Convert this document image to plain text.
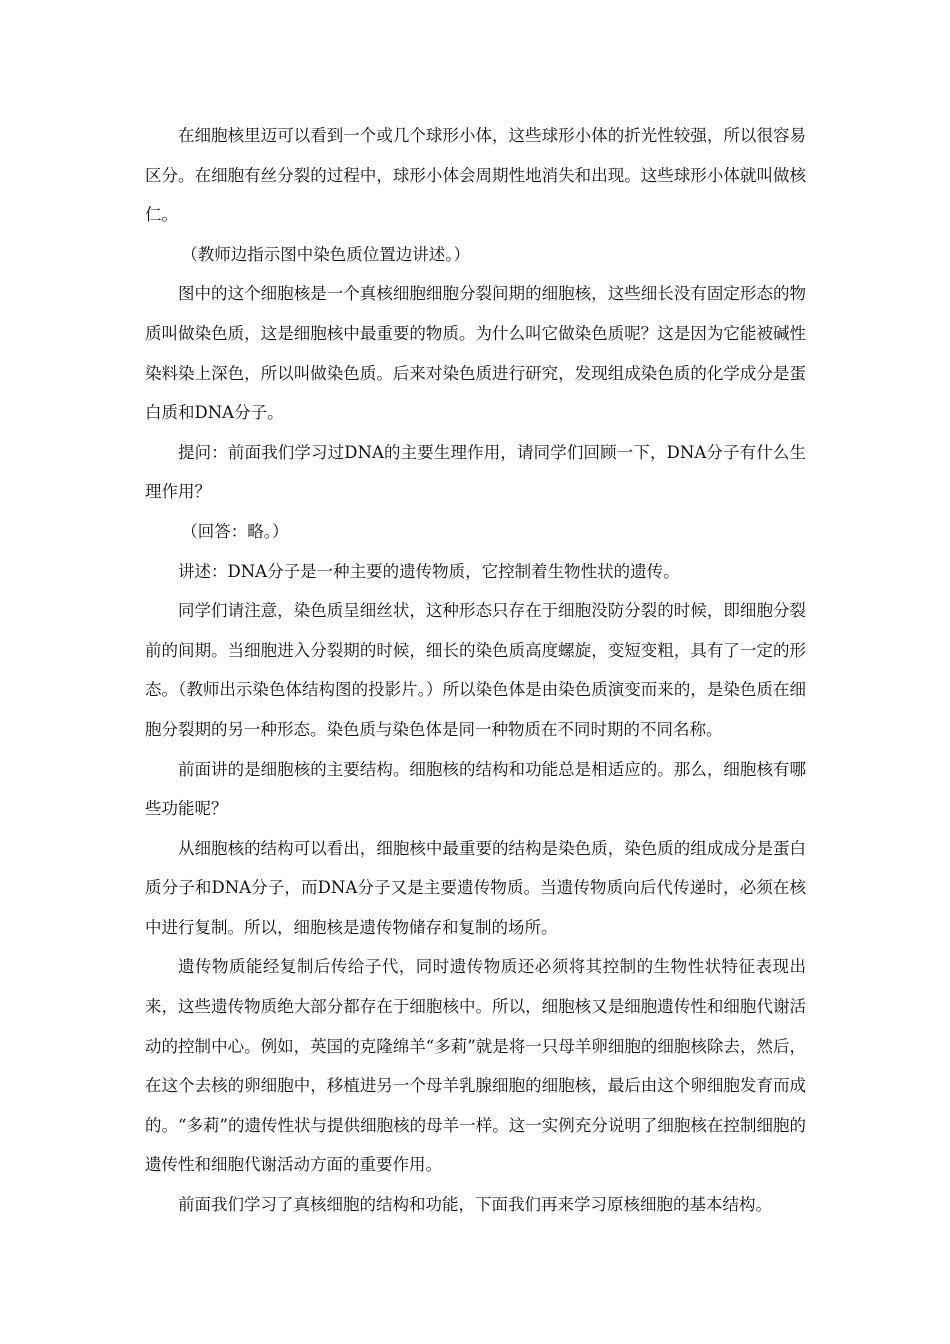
在细胞核里迈可以看到一个或几个球形小体，这些球形小体的折光性较强，所以很容易区分。在细胞有丝分裂的过程中，球形小体会周期性地消失和出现。这些球形小体就叫做核仁。

（教师边指示图中染色质位置边讲述。）

图中的这个细胞核是一个真核细胞细胞分裂间期的细胞核，这些细长没有固定形态的物质叫做染色质，这是细胞核中最重要的物质。为什么叫它做染色质呢？这是因为它能被碱性染料染上深色，所以叫做染色质。后来对染色质进行研究，发现组成染色质的化学成分是蛋白质和DNA分子。

提问：前面我们学习过DNA的主要生理作用，请同学们回顾一下，DNA分子有什么生理作用？

（回答：略。）

讲述：DNA分子是一种主要的遗传物质，它控制着生物性状的遗传。

同学们请注意，染色质呈细丝状，这种形态只存在于细胞没防分裂的时候，即细胞分裂前的间期。当细胞进入分裂期的时候，细长的染色质高度螺旋，变短变粗，具有了一定的形态。（教师出示染色体结构图的投影片。）所以染色体是由染色质演变而来的，是染色质在细胞分裂期的另一种形态。染色质与染色体是同一种物质在不同时期的不同名称。

前面讲的是细胞核的主要结构。细胞核的结构和功能总是相适应的。那么，细胞核有哪些功能呢？

从细胞核的结构可以看出，细胞核中最重要的结构是染色质，染色质的组成成分是蛋白质分子和DNA分子，而DNA分子又是主要遗传物质。当遗传物质向后代传递时，必须在核中进行复制。所以，细胞核是遗传物储存和复制的场所。

遗传物质能经复制后传给子代，同时遗传物质还必须将其控制的生物性状特征表现出来，这些遗传物质绝大部分都存在于细胞核中。所以，细胞核又是细胞遗传性和细胞代谢活动的控制中心。例如，英国的克隆绵羊“多莉”就是将一只母羊卵细胞的细胞核除去，然后，在这个去核的卵细胞中，移植进另一个母羊乳腺细胞的细胞核，最后由这个卵细胞发育而成的。“多莉”的遗传性状与提供细胞核的母羊一样。这一实例充分说明了细胞核在控制细胞的遗传性和细胞代谢活动方面的重要作用。

前面我们学习了真核细胞的结构和功能，下面我们再来学习原核细胞的基本结构。
